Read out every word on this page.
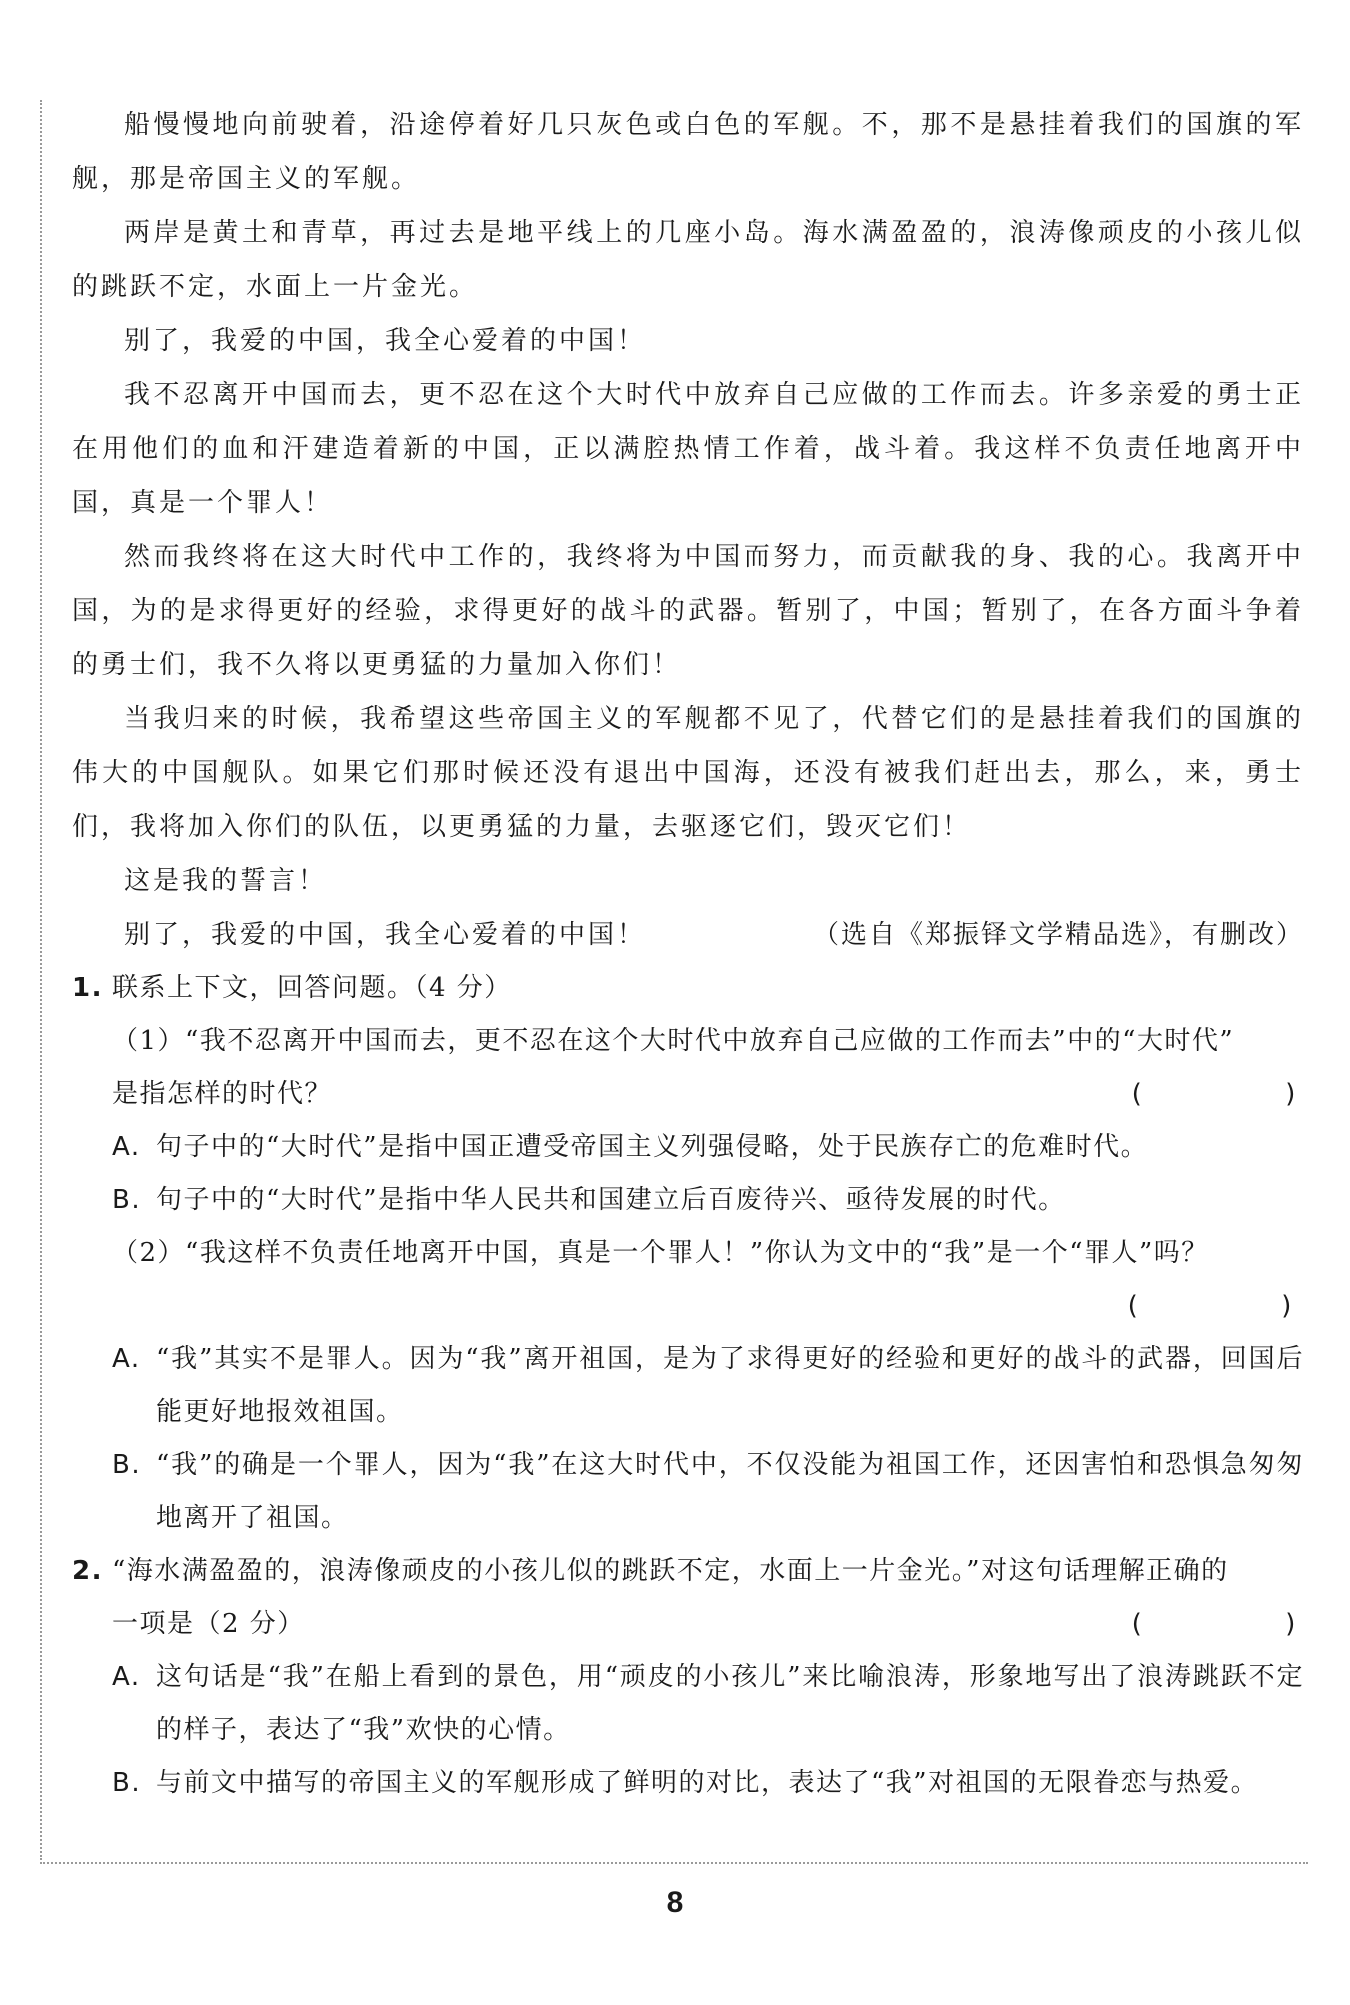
船慢慢地向前驶着，沿途停着好几只灰色或白色的军舰。不，那不是悬挂着我们的国旗的军舰，那是帝国主义的军舰。

两岸是黄土和青草，再过去是地平线上的几座小岛。海水满盈盈的，浪涛像顽皮的小孩儿似的跳跃不定，水面上一片金光。

别了，我爱的中国，我全心爱着的中国！

我不忍离开中国而去，更不忍在这个大时代中放弃自己应做的工作而去。许多亲爱的勇士正在用他们的血和汗建造着新的中国，正以满腔热情工作着，战斗着。我这样不负责任地离开中国，真是一个罪人！

然而我终将在这大时代中工作的，我终将为中国而努力，而贡献我的身、我的心。我离开中国，为的是求得更好的经验，求得更好的战斗的武器。暂别了，中国；暂别了，在各方面斗争着的勇士们，我不久将以更勇猛的力量加入你们！

当我归来的时候，我希望这些帝国主义的军舰都不见了，代替它们的是悬挂着我们的国旗的伟大的中国舰队。如果它们那时候还没有退出中国海，还没有被我们赶出去，那么，来，勇士们，我将加入你们的队伍，以更勇猛的力量，去驱逐它们，毁灭它们！

这是我的誓言！

别了，我爱的中国，我全心爱着的中国！	（选自《郑振铎文学精品选》，有删改）

1. 联系上下文，回答问题。（4 分）
（1）“我不忍离开中国而去，更不忍在这个大时代中放弃自己应做的工作而去”中的“大时代”
是指怎样的时代？	(        )
A. 句子中的“大时代”是指中国正遭受帝国主义列强侵略，处于民族存亡的危难时代。
B. 句子中的“大时代”是指中华人民共和国建立后百废待兴、亟待发展的时代。
（2）“我这样不负责任地离开中国，真是一个罪人！”你认为文中的“我”是一个“罪人”吗？
(        )
A. “我”其实不是罪人。因为“我”离开祖国，是为了求得更好的经验和更好的战斗的武器，回国后能更好地报效祖国。
B. “我”的确是一个罪人，因为“我”在这大时代中，不仅没能为祖国工作，还因害怕和恐惧急匆匆地离开了祖国。
2. “海水满盈盈的，浪涛像顽皮的小孩儿似的跳跃不定，水面上一片金光。”对这句话理解正确的
一项是（2 分）	(        )
A. 这句话是“我”在船上看到的景色，用“顽皮的小孩儿”来比喻浪涛，形象地写出了浪涛跳跃不定的样子，表达了“我”欢快的心情。
B. 与前文中描写的帝国主义的军舰形成了鲜明的对比，表达了“我”对祖国的无限眷恋与热爱。
8
